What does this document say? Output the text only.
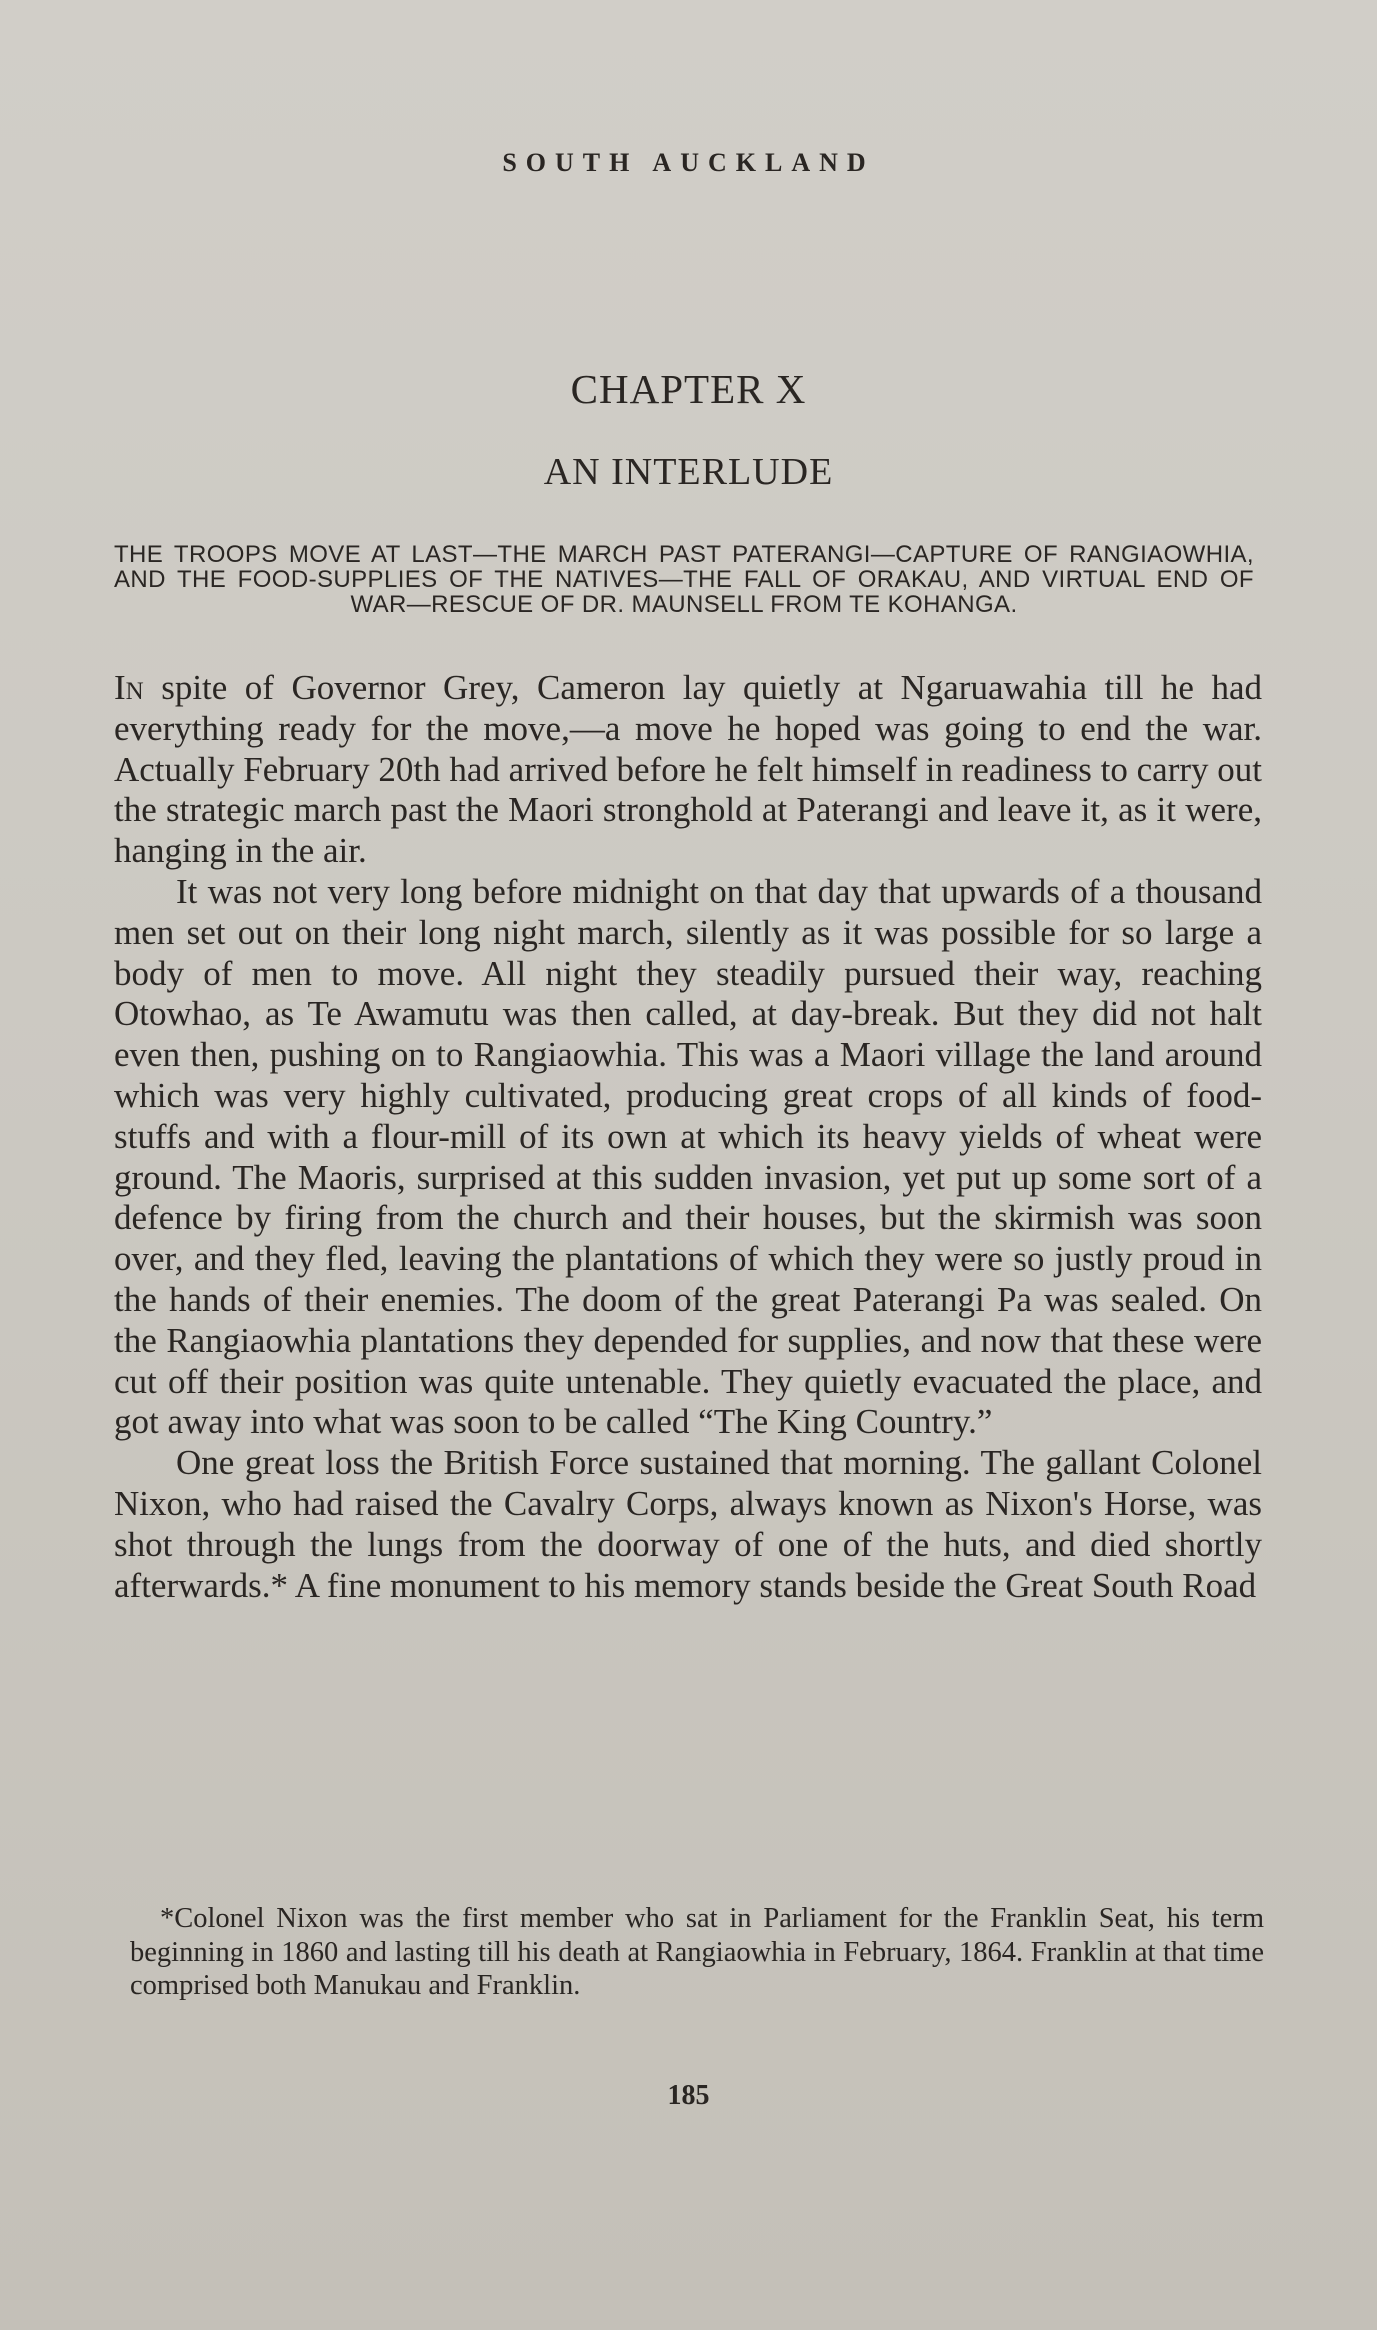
SOUTH AUCKLAND
CHAPTER X
AN INTERLUDE
THE TROOPS MOVE AT LAST—THE MARCH PAST PATERANGI—CAPTURE OF RANGIAOWHIA, AND THE FOOD-SUPPLIES OF THE NATIVES—THE FALL OF ORAKAU, AND VIRTUAL END OF WAR—RESCUE OF DR. MAUNSELL FROM TE KOHANGA.

In spite of Governor Grey, Cameron lay quietly at Ngaruawahia till he had everything ready for the move,—a move he hoped was going to end the war. Actually February 20th had arrived before he felt himself in readiness to carry out the strategic march past the Maori stronghold at Paterangi and leave it, as it were, hanging in the air.

It was not very long before midnight on that day that upwards of a thousand men set out on their long night march, silently as it was possible for so large a body of men to move. All night they steadily pursued their way, reaching Otowhao, as Te Awamutu was then called, at day-break. But they did not halt even then, pushing on to Rangiaowhia. This was a Maori village the land around which was very highly cultivated, producing great crops of all kinds of food-stuffs and with a flour-mill of its own at which its heavy yields of wheat were ground. The Maoris, surprised at this sudden invasion, yet put up some sort of a defence by firing from the church and their houses, but the skirmish was soon over, and they fled, leaving the plantations of which they were so justly proud in the hands of their enemies. The doom of the great Paterangi Pa was sealed. On the Rangiaowhia plantations they depended for supplies, and now that these were cut off their position was quite untenable. They quietly evacuated the place, and got away into what was soon to be called “The King Country.”

One great loss the British Force sustained that morning. The gallant Colonel Nixon, who had raised the Cavalry Corps, always known as Nixon's Horse, was shot through the lungs from the doorway of one of the huts, and died shortly afterwards.* A fine monument to his memory stands beside the Great South Road

*Colonel Nixon was the first member who sat in Parliament for the Franklin Seat, his term beginning in 1860 and lasting till his death at Rangiaowhia in February, 1864. Franklin at that time comprised both Manukau and Franklin.
185
